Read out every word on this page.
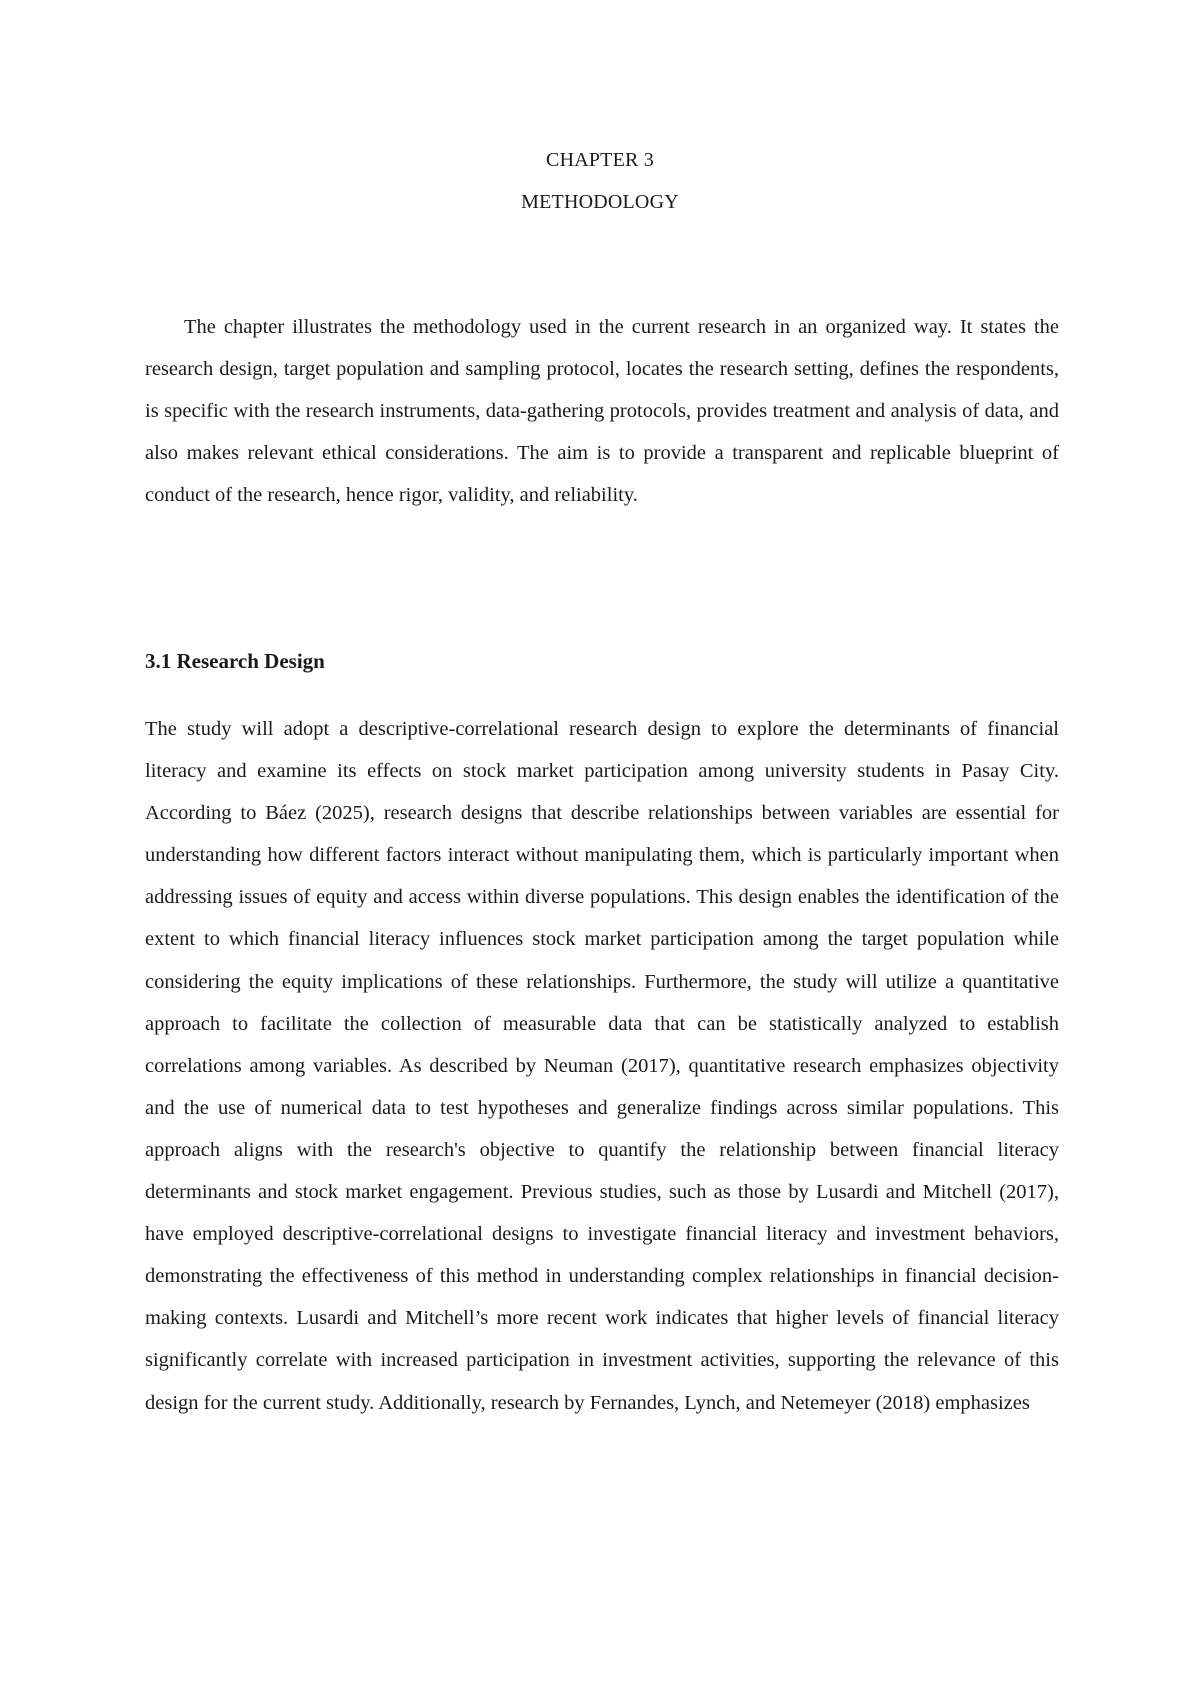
CHAPTER 3
METHODOLOGY

The chapter illustrates the methodology used in the current research in an organized way. It states the research design, target population and sampling protocol, locates the research setting, defines the respondents, is specific with the research instruments, data-gathering protocols, provides treatment and analysis of data, and also makes relevant ethical considerations. The aim is to provide a transparent and replicable blueprint of conduct of the research, hence rigor, validity, and reliability.

3.1 Research Design

The study will adopt a descriptive-correlational research design to explore the determinants of financial literacy and examine its effects on stock market participation among university students in Pasay City. According to Báez (2025), research designs that describe relationships between variables are essential for understanding how different factors interact without manipulating them, which is particularly important when addressing issues of equity and access within diverse populations. This design enables the identification of the extent to which financial literacy influences stock market participation among the target population while considering the equity implications of these relationships. Furthermore, the study will utilize a quantitative approach to facilitate the collection of measurable data that can be statistically analyzed to establish correlations among variables. As described by Neuman (2017), quantitative research emphasizes objectivity and the use of numerical data to test hypotheses and generalize findings across similar populations. This approach aligns with the research's objective to quantify the relationship between financial literacy determinants and stock market engagement. Previous studies, such as those by Lusardi and Mitchell (2017), have employed descriptive-correlational designs to investigate financial literacy and investment behaviors, demonstrating the effectiveness of this method in understanding complex relationships in financial decision-making contexts. Lusardi and Mitchell’s more recent work indicates that higher levels of financial literacy significantly correlate with increased participation in investment activities, supporting the relevance of this design for the current study. Additionally, research by Fernandes, Lynch, and Netemeyer (2018) emphasizes
